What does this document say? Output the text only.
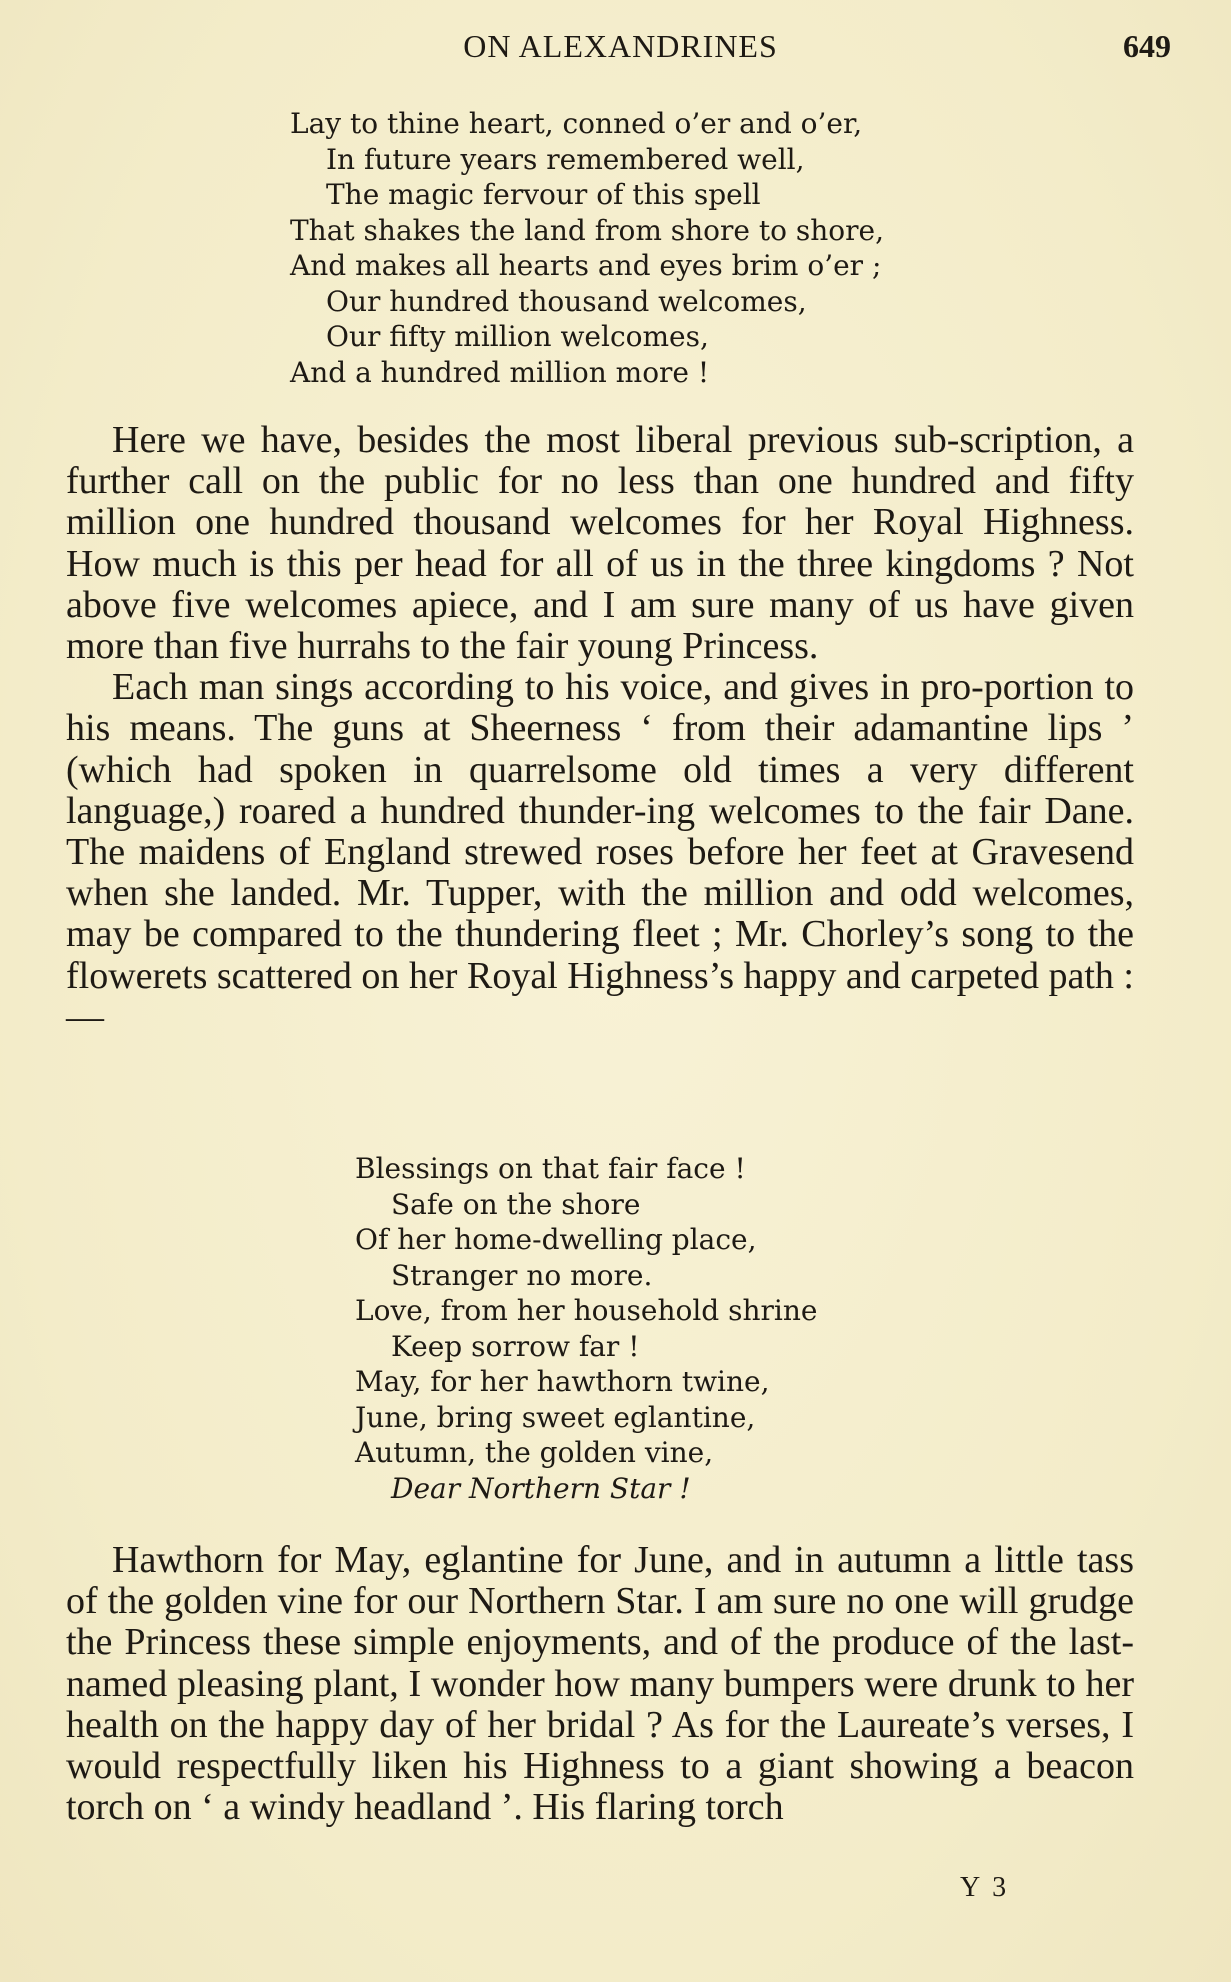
ON ALEXANDRINES	649
Lay to thine heart, conned o’er and o’er,
In future years remembered well,
The magic fervour of this spell
That shakes the land from shore to shore,
And makes all hearts and eyes brim o’er ;
Our hundred thousand welcomes,
Our fifty million welcomes,
And a hundred million more !

Here we have, besides the most liberal previous sub-scription, a further call on the public for no less than one hundred and fifty million one hundred thousand welcomes for her Royal Highness. How much is this per head for all of us in the three kingdoms ? Not above five welcomes apiece, and I am sure many of us have given more than five hurrahs to the fair young Princess.

Each man sings according to his voice, and gives in pro-portion to his means. The guns at Sheerness ‘ from their adamantine lips ’ (which had spoken in quarrelsome old times a very different language,) roared a hundred thunder-ing welcomes to the fair Dane. The maidens of England strewed roses before her feet at Gravesend when she landed. Mr. Tupper, with the million and odd welcomes, may be compared to the thundering fleet ; Mr. Chorley’s song to the flowerets scattered on her Royal Highness’s happy and carpeted path :—

Blessings on that fair face !
Safe on the shore
Of her home-dwelling place,
Stranger no more.
Love, from her household shrine
Keep sorrow far !
May, for her hawthorn twine,
June, bring sweet eglantine,
Autumn, the golden vine,
Dear Northern Star !

Hawthorn for May, eglantine for June, and in autumn a little tass of the golden vine for our Northern Star. I am sure no one will grudge the Princess these simple enjoyments, and of the produce of the last-named pleasing plant, I wonder how many bumpers were drunk to her health on the happy day of her bridal ? As for the Laureate’s verses, I would respectfully liken his Highness to a giant showing a beacon torch on ‘ a windy headland ’. His flaring torch

Y 3
